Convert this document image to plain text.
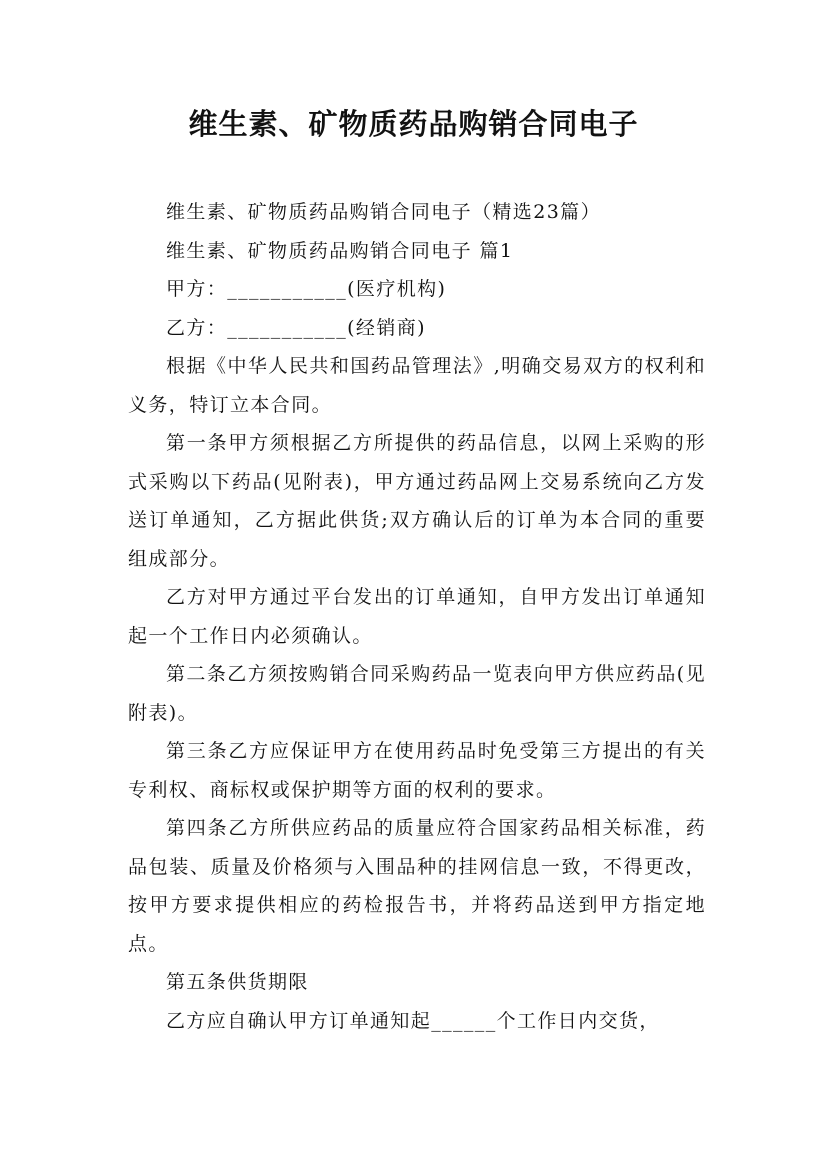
维生素、矿物质药品购销合同电子

维生素、矿物质药品购销合同电子（精选23篇）

维生素、矿物质药品购销合同电子 篇1

甲方：___________(医疗机构)

乙方：___________(经销商)

根据《中华人民共和国药品管理法》,明确交易双方的权利和义务，特订立本合同。

第一条甲方须根据乙方所提供的药品信息，以网上采购的形式采购以下药品(见附表)，甲方通过药品网上交易系统向乙方发送订单通知，乙方据此供货;双方确认后的订单为本合同的重要组成部分。

乙方对甲方通过平台发出的订单通知，自甲方发出订单通知起一个工作日内必须确认。

第二条乙方须按购销合同采购药品一览表向甲方供应药品(见附表)。

第三条乙方应保证甲方在使用药品时免受第三方提出的有关专利权、商标权或保护期等方面的权利的要求。

第四条乙方所供应药品的质量应符合国家药品相关标准，药品包装、质量及价格须与入围品种的挂网信息一致，不得更改，按甲方要求提供相应的药检报告书，并将药品送到甲方指定地点。

第五条供货期限

乙方应自确认甲方订单通知起______个工作日内交货，
